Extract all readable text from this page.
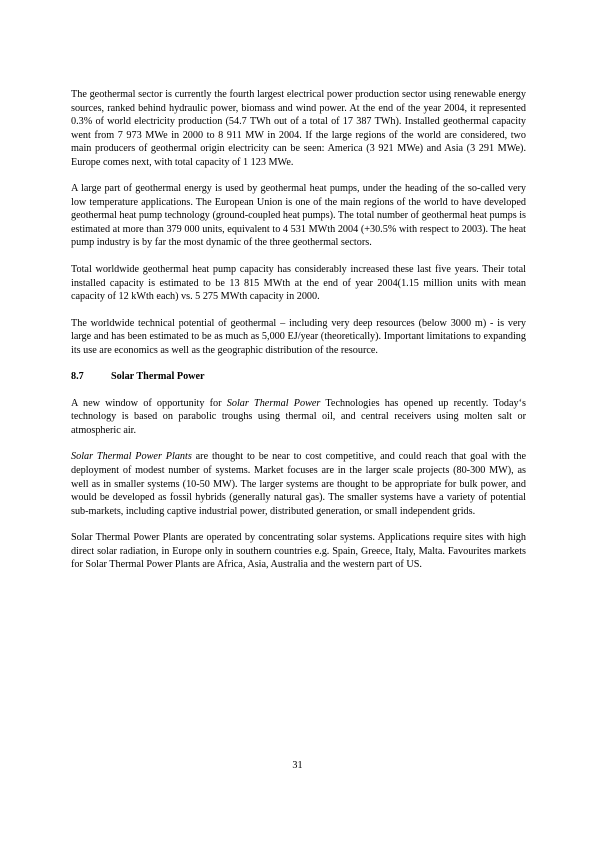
The geothermal sector is currently the fourth largest electrical power production sector using renewable energy sources, ranked behind hydraulic power, biomass and wind power. At the end of the year 2004, it represented 0.3% of world electricity production (54.7 TWh out of a total of 17 387 TWh). Installed geothermal capacity went from 7 973 MWe in 2000 to 8 911 MW in 2004. If the large regions of the world are considered, two main producers of geothermal origin electricity can be seen: America (3 921 MWe) and Asia (3 291 MWe). Europe comes next, with total capacity of 1 123 MWe.

A large part of geothermal energy is used by geothermal heat pumps, under the heading of the so-called very low temperature applications. The European Union is one of the main regions of the world to have developed geothermal heat pump technology (ground-coupled heat pumps). The total number of geothermal heat pumps is estimated at more than 379 000 units, equivalent to 4 531 MWth 2004 (+30.5% with respect to 2003). The heat pump industry is by far the most dynamic of the three geothermal sectors.

Total worldwide geothermal heat pump capacity has considerably increased these last five years. Their total installed capacity is estimated to be 13 815 MWth at the end of year 2004(1.15 million units with mean capacity of 12 kWth each) vs. 5 275 MWth capacity in 2000.

The worldwide technical potential of geothermal – including very deep resources (below 3000 m) - is very large and has been estimated to be as much as 5,000 EJ/year (theoretically). Important limitations to expanding its use are economics as well as the geographic distribution of the resource.

8.7	Solar Thermal Power

A new window of opportunity for Solar Thermal Power Technologies has opened up recently. Today‘s technology is based on parabolic troughs using thermal oil, and central receivers using molten salt or atmospheric air.

Solar Thermal Power Plants are thought to be near to cost competitive, and could reach that goal with the deployment of modest number of systems. Market focuses are in the larger scale projects (80-300 MW), as well as in smaller systems (10-50 MW). The larger systems are thought to be appropriate for bulk power, and would be developed as fossil hybrids (generally natural gas). The smaller systems have a variety of potential sub-markets, including captive industrial power, distributed generation, or small independent grids.

Solar Thermal Power Plants are operated by concentrating solar systems. Applications require sites with high direct solar radiation, in Europe only in southern countries e.g. Spain, Greece, Italy, Malta. Favourites markets for Solar Thermal Power Plants are Africa, Asia, Australia and the western part of US.

31
